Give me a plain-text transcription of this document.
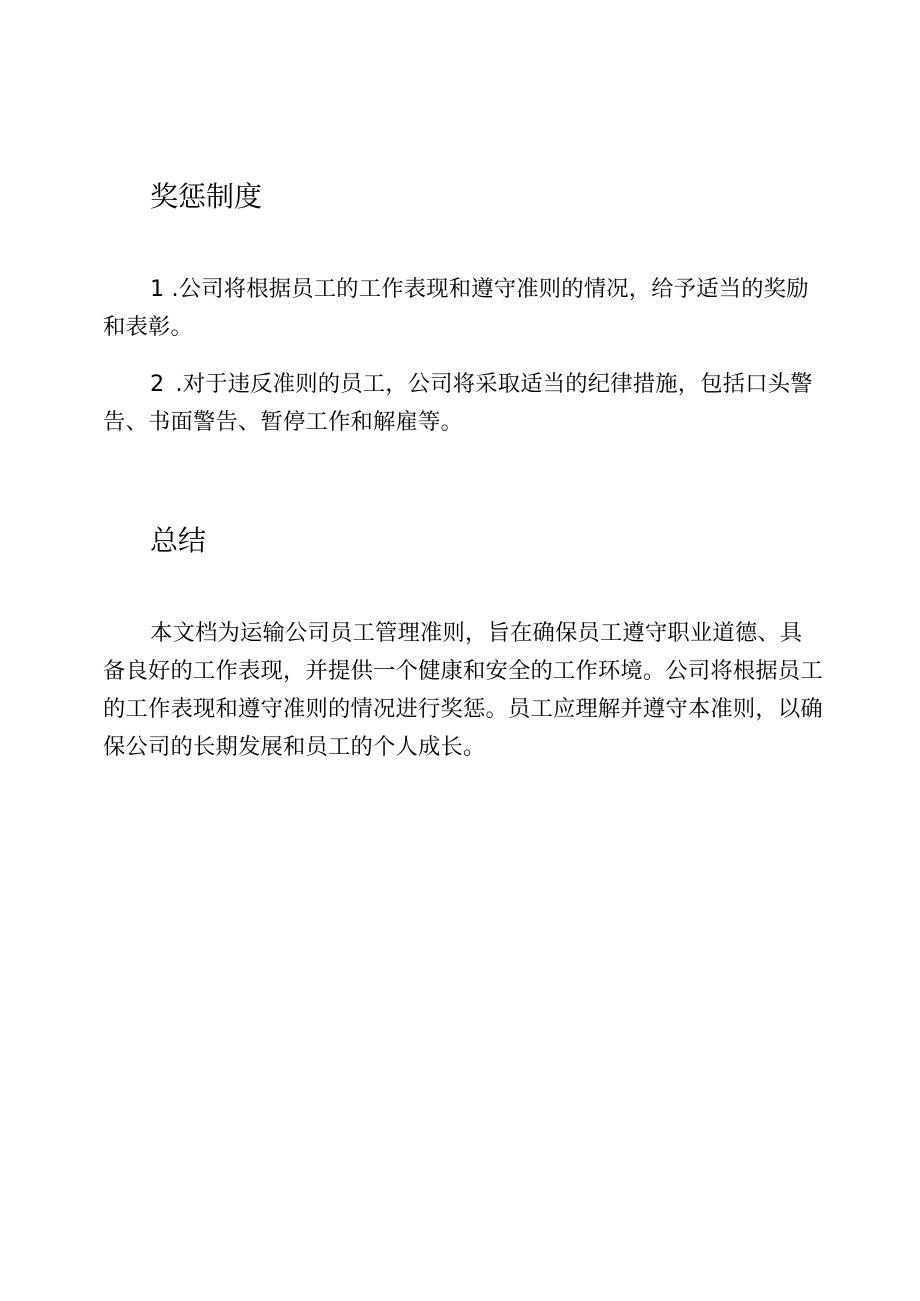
奖惩制度

1 .公司将根据员工的工作表现和遵守准则的情况，给予适当的奖励和表彰。

2 .对于违反准则的员工，公司将采取适当的纪律措施，包括口头警告、书面警告、暂停工作和解雇等。

总结

本文档为运输公司员工管理准则，旨在确保员工遵守职业道德、具备良好的工作表现，并提供一个健康和安全的工作环境。公司将根据员工的工作表现和遵守准则的情况进行奖惩。员工应理解并遵守本准则，以确保公司的长期发展和员工的个人成长。
